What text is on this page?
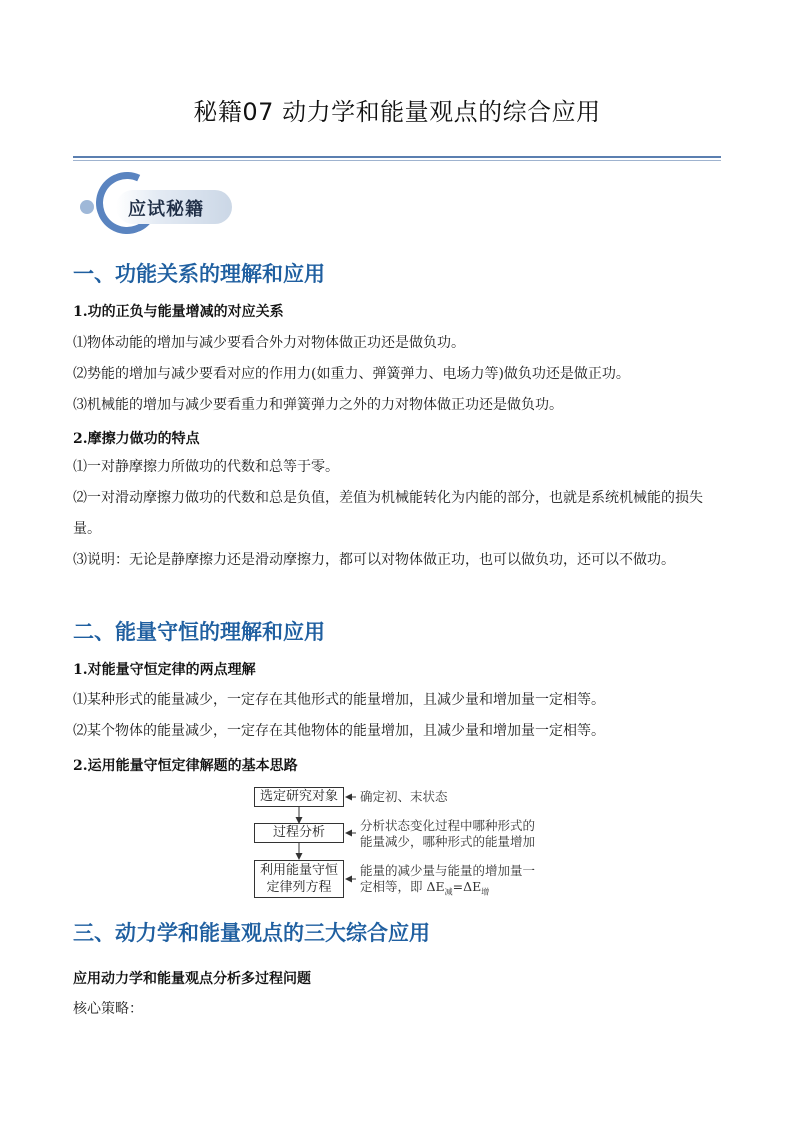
秘籍07 动力学和能量观点的综合应用
应试秘籍
一、功能关系的理解和应用
1.功的正负与能量增减的对应关系
⑴物体动能的增加与减少要看合外力对物体做正功还是做负功。
⑵势能的增加与减少要看对应的作用力(如重力、弹簧弹力、电场力等)做负功还是做正功。
⑶机械能的增加与减少要看重力和弹簧弹力之外的力对物体做正功还是做负功。
2.摩擦力做功的特点
⑴一对静摩擦力所做功的代数和总等于零。
⑵一对滑动摩擦力做功的代数和总是负值，差值为机械能转化为内能的部分，也就是系统机械能的损失量。
⑶说明：无论是静摩擦力还是滑动摩擦力，都可以对物体做正功，也可以做负功，还可以不做功。
二、能量守恒的理解和应用
1.对能量守恒定律的两点理解
⑴某种形式的能量减少，一定存在其他形式的能量增加，且减少量和增加量一定相等。
⑵某个物体的能量减少，一定存在其他物体的能量增加，且减少量和增加量一定相等。
2.运用能量守恒定律解题的基本思路
选定研究对象
过程分析
利用能量守恒
定律列方程
确定初、末状态
分析状态变化过程中哪种形式的
能量减少，哪种形式的能量增加
能量的减少量与能量的增加量一
定相等，即 $\Delta E_减=\Delta E_增$
三、动力学和能量观点的三大综合应用
应用动力学和能量观点分析多过程问题
核心策略：
